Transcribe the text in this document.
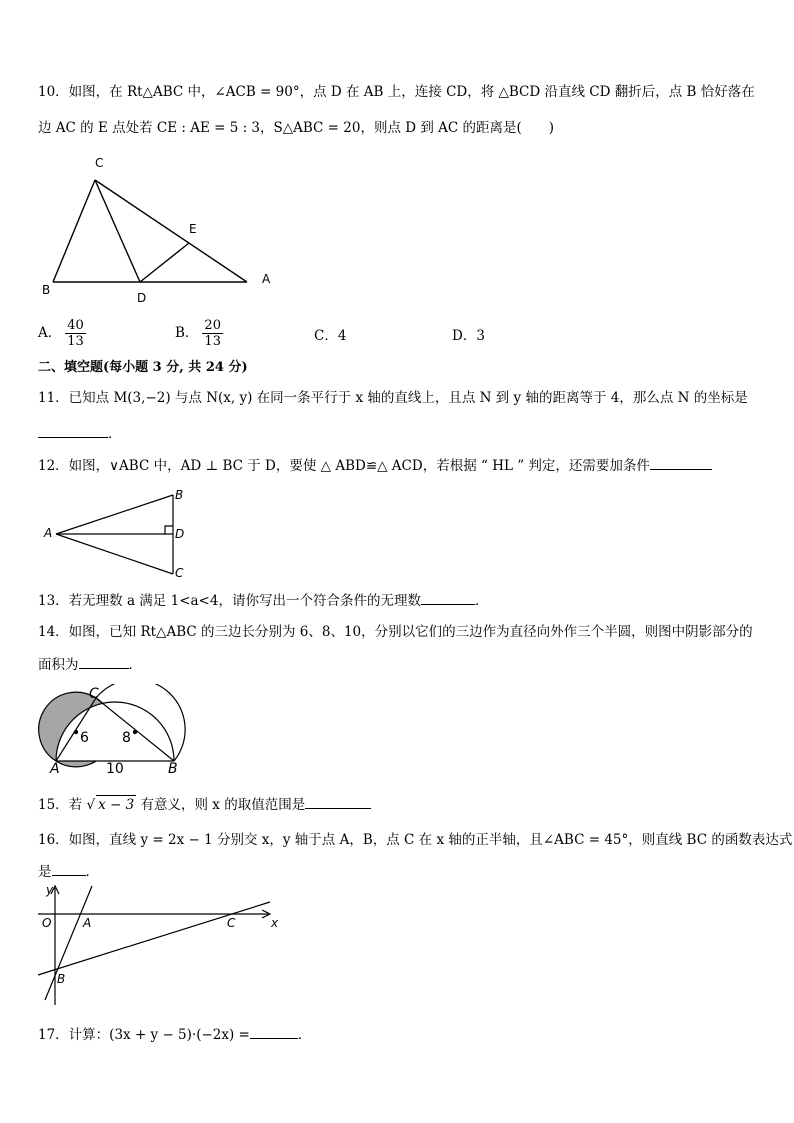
10．如图，在 Rt△ABC 中，∠ACB = 90°，点 D 在 AB 上，连接 CD，将 △BCD 沿直线 CD 翻折后，点 B 恰好落在
边 AC 的 E 点处若 CE : AE = 5 : 3，S△ABC = 20，则点 D 到 AC 的距离是(　　)
C
E
A
B
D
A． $\frac{40}{13}$	B． $\frac{20}{13}$	C．4	D．3
二、填空题(每小题 3 分, 共 24 分)
11．已知点 M(3,−2) 与点 N(x, y) 在同一条平行于 x 轴的直线上，且点 N 到 y 轴的距离等于 4，那么点 N 的坐标是
．
12．如图，∨ABC 中，AD ⊥ BC 于 D，要使 △ ABD≌△ ACD，若根据 “ HL ” 判定，还需要加条件
A
B
D
C
13．若无理数 a 满足 1<a<4，请你写出一个符合条件的无理数	．
14．如图，已知 Rt△ABC 的三边长分别为 6、8、10，分别以它们的三边作为直径向外作三个半圆，则图中阴影部分的
面积为	．
C
6 8
A	10	B
15．若 √ x − 3 有意义，则 x 的取值范围是
16．如图，直线 y = 2x − 1 分别交 x，y 轴于点 A，B，点 C 在 x 轴的正半轴，且∠ABC = 45°，则直线 BC 的函数表达式
是	．
y
O	A	C	x
B
17．计算：(3x + y − 5)·(−2x) =	．
